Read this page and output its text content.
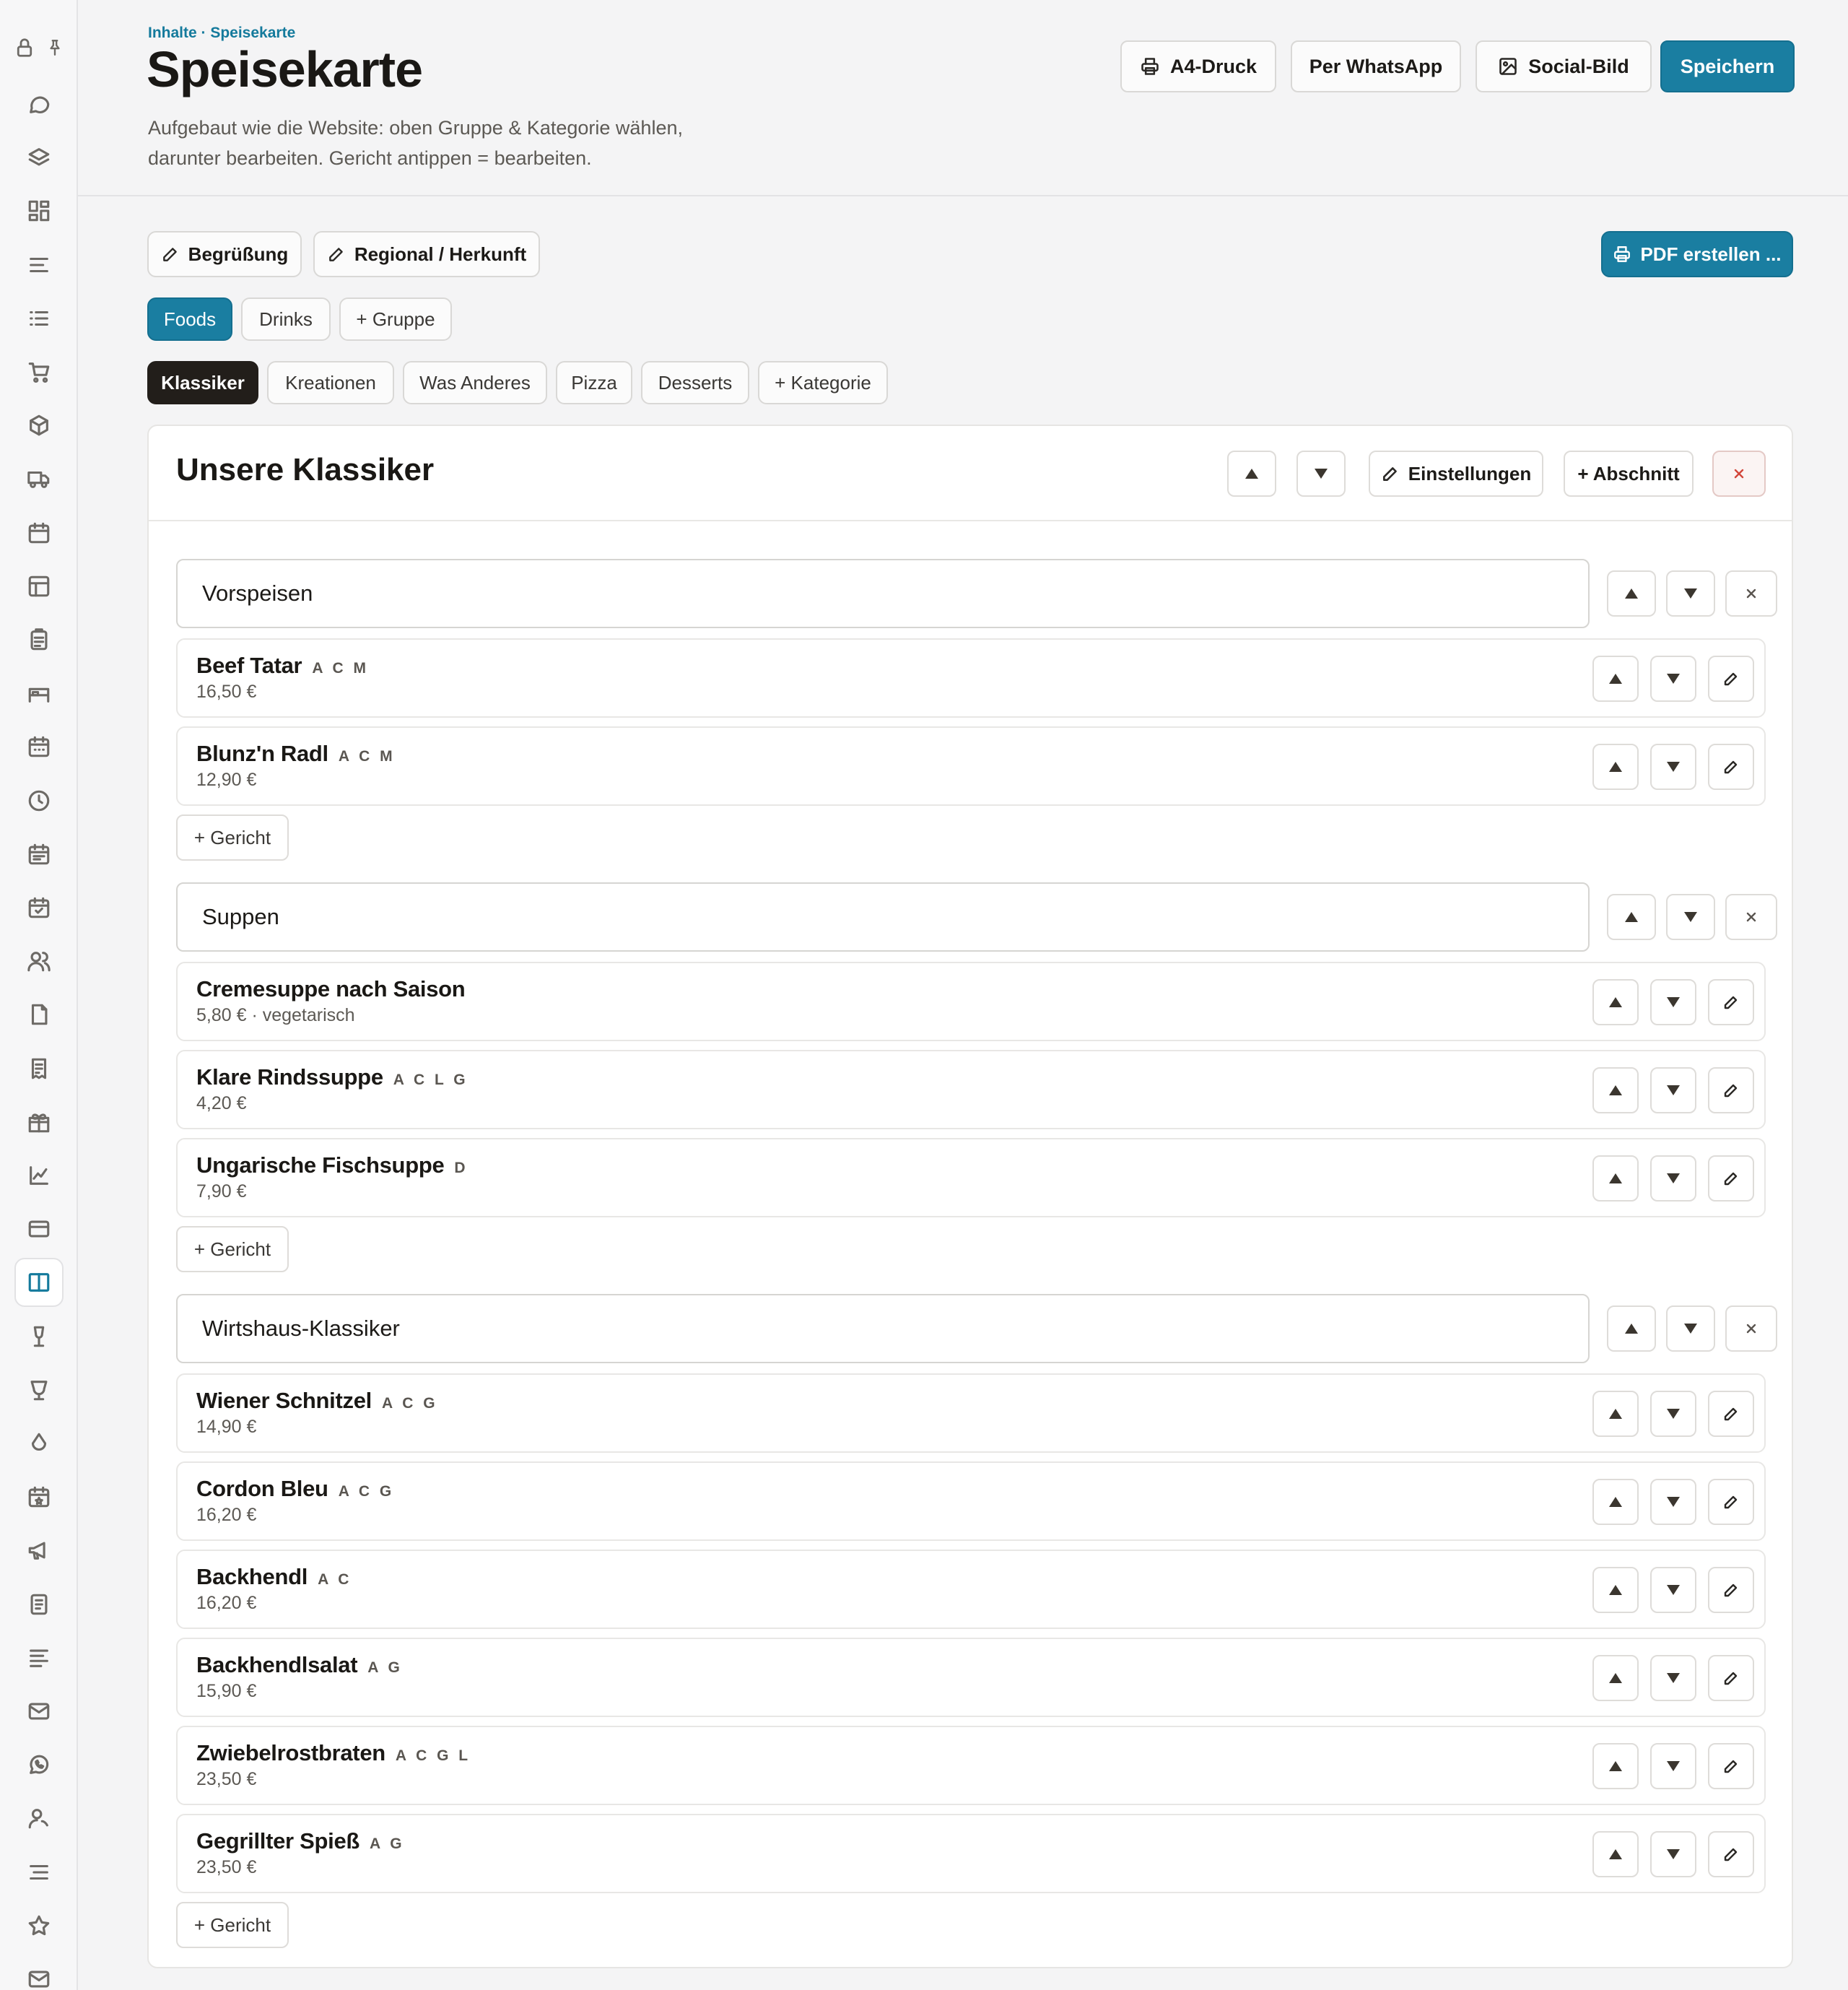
Inhalte · Speisekarte
Speisekarte
Aufgebaut wie die Website: oben Gruppe & Kategorie wählen,
darunter bearbeiten. Gericht antippen = bearbeiten.
A4-Druck	Per WhatsApp	Social-Bild	Speichern
Begrüßung	Regional / Herkunft	PDF erstellen ...
Foods Drinks + Gruppe
Klassiker Kreationen Was Anderes Pizza Desserts + Kategorie
Unsere Klassiker	Einstellungen + Abschnitt
Vorspeisen
Beef Tatar A C M
16,50 €
Blunz'n Radl A C M
12,90 €
+ Gericht
Suppen
Cremesuppe nach Saison
5,80 € · vegetarisch
Klare Rindssuppe A C L G
4,20 €
Ungarische Fischsuppe D
7,90 €
+ Gericht
Wirtshaus-Klassiker
Wiener Schnitzel A C G
14,90 €
Cordon Bleu A C G
16,20 €
Backhendl A C
16,20 €
Backhendlsalat A G
15,90 €
Zwiebelrostbraten A C G L
23,50 €
Gegrillter Spieß A G
23,50 €
+ Gericht
